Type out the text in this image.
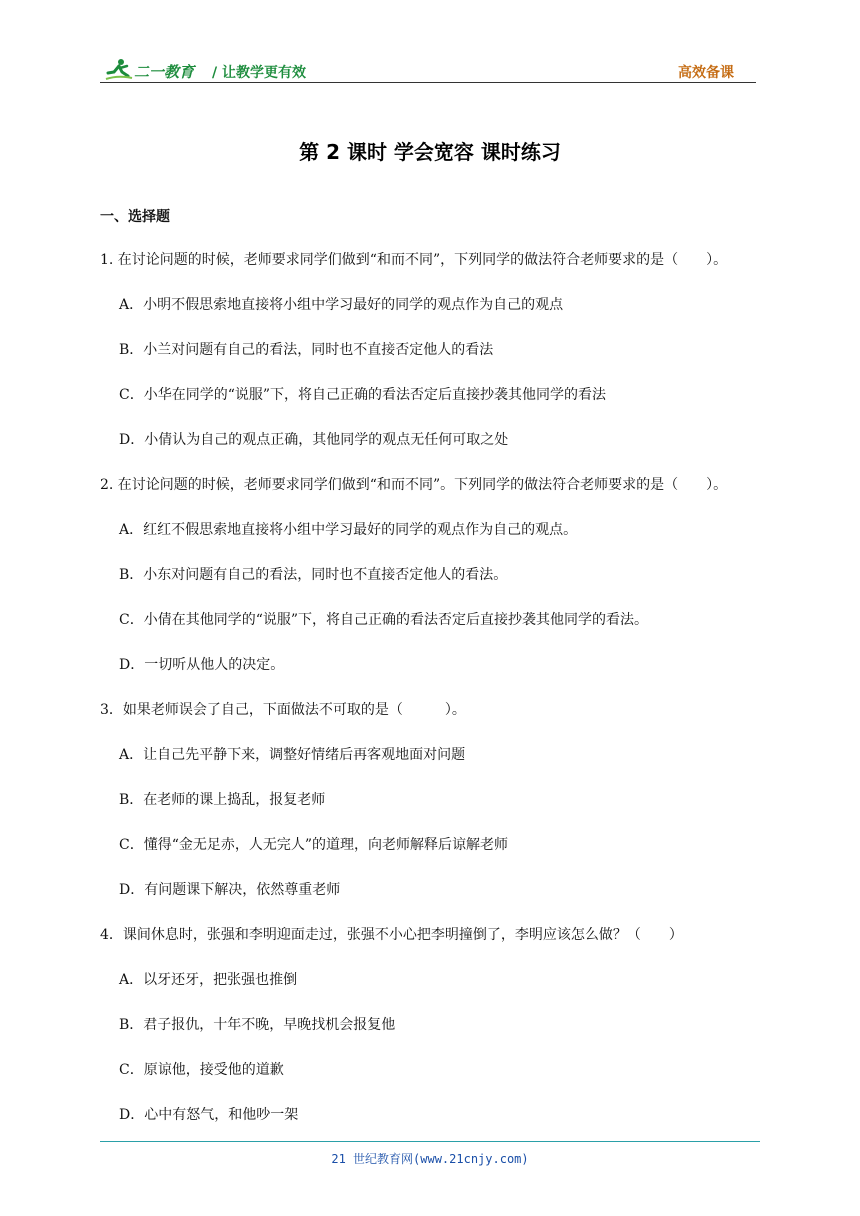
二一教育 / 让教学更有效	高效备课
第 2 课时 学会宽容 课时练习
一、选择题
1. 在讨论问题的时候，老师要求同学们做到“和而不同”，下列同学的做法符合老师要求的是（　　）。
A．小明不假思索地直接将小组中学习最好的同学的观点作为自己的观点
B．小兰对问题有自己的看法，同时也不直接否定他人的看法
C．小华在同学的“说服”下，将自己正确的看法否定后直接抄袭其他同学的看法
D．小倩认为自己的观点正确，其他同学的观点无任何可取之处
2. 在讨论问题的时候，老师要求同学们做到“和而不同”。下列同学的做法符合老师要求的是（　　）。
A．红红不假思索地直接将小组中学习最好的同学的观点作为自己的观点。
B．小东对问题有自己的看法，同时也不直接否定他人的看法。
C．小倩在其他同学的“说服”下，将自己正确的看法否定后直接抄袭其他同学的看法。
D．一切听从他人的决定。
3．如果老师误会了自己，下面做法不可取的是（　　　）。
A．让自己先平静下来，调整好情绪后再客观地面对问题
B．在老师的课上捣乱，报复老师
C．懂得“金无足赤，人无完人”的道理，向老师解释后谅解老师
D．有问题课下解决，依然尊重老师
4．课间休息时，张强和李明迎面走过，张强不小心把李明撞倒了，李明应该怎么做？（　　）
A．以牙还牙，把张强也推倒
B．君子报仇，十年不晚，早晚找机会报复他
C．原谅他，接受他的道歉
D．心中有怒气，和他吵一架
21 世纪教育网(www.21cnjy.com)
